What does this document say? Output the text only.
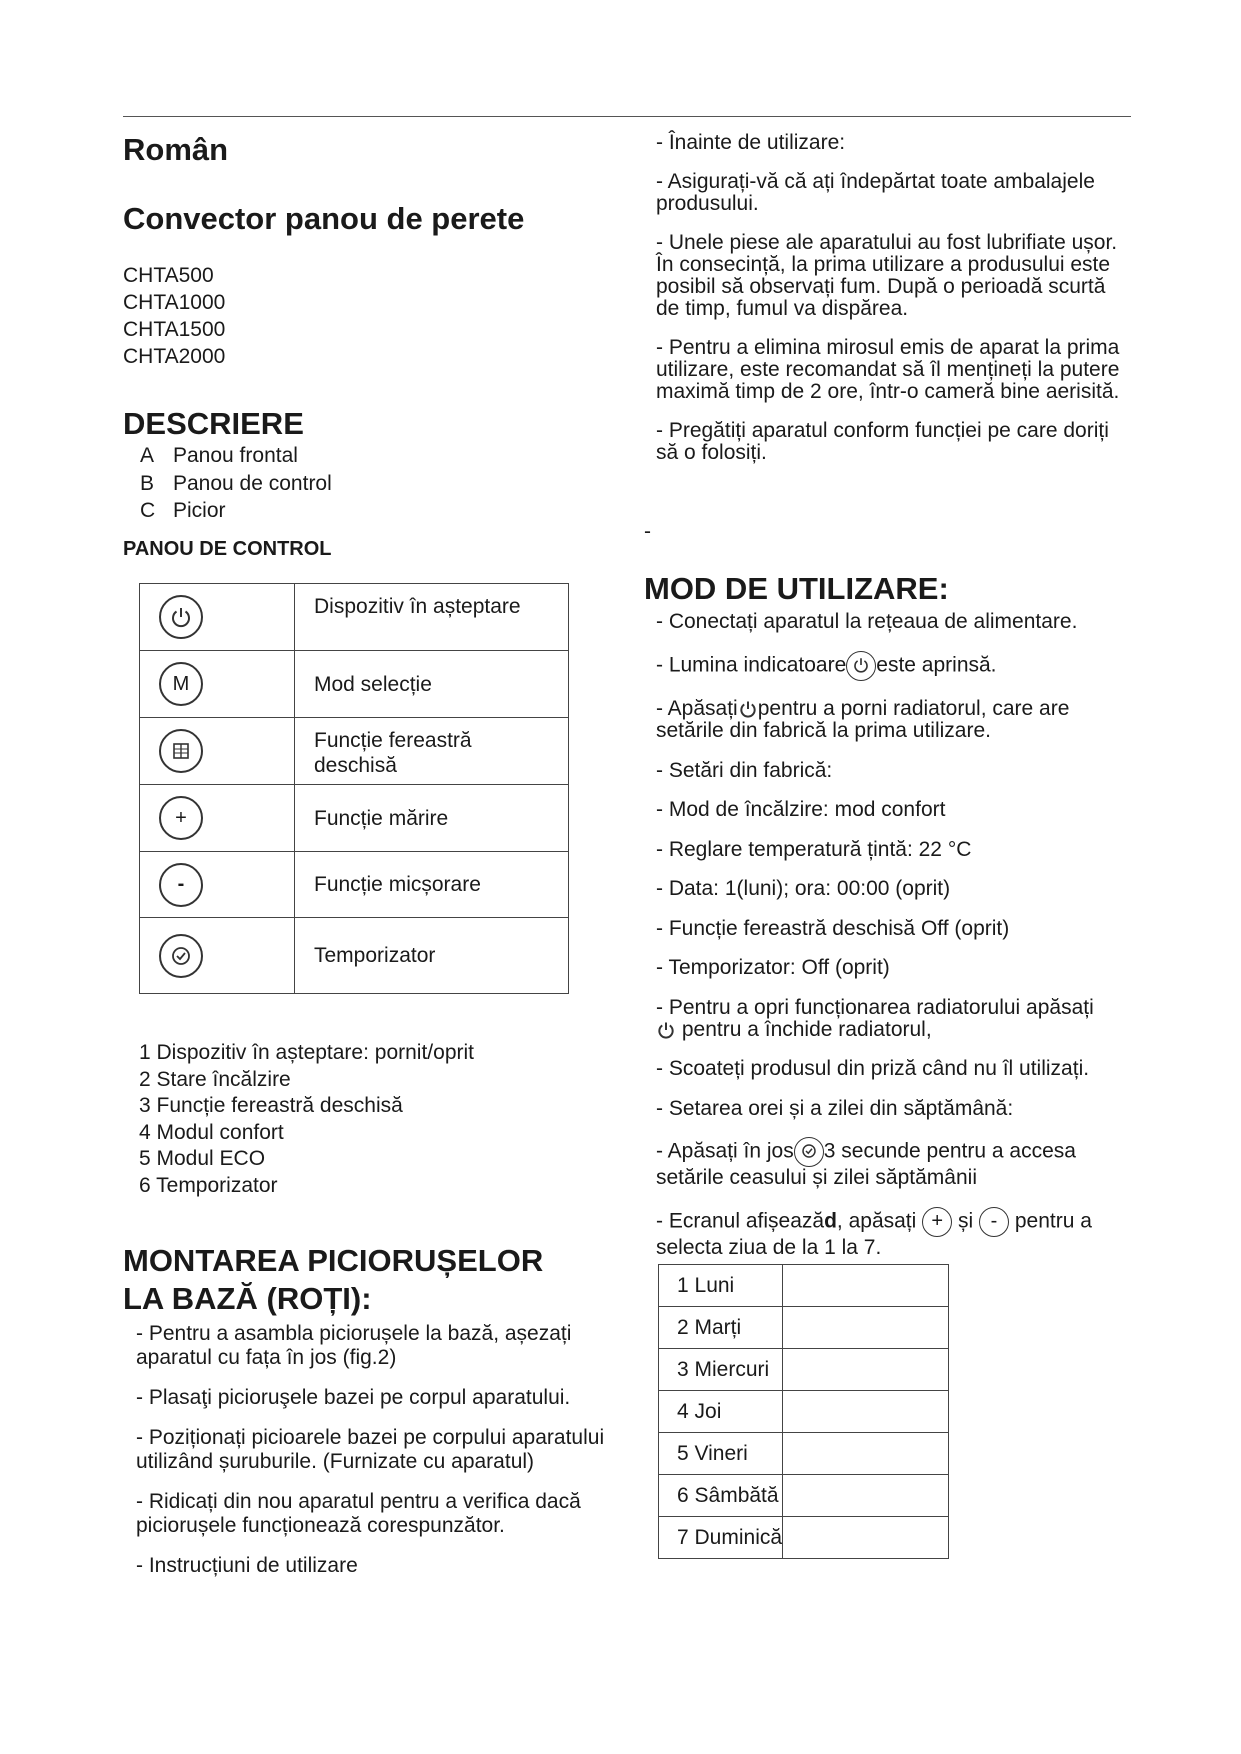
Român
Convector panou de perete
CHTA500
CHTA1000
CHTA1500
CHTA2000
DESCRIERE
A Panou frontal
B Panou de control
C Picior
PANOU DE CONTROL
	Dispozitiv în așteptare

M	Mod selecție

	Funcție fereastră deschisă

+	Funcție mărire

-	Funcție micșorare

	Temporizator
1 Dispozitiv în așteptare: pornit/oprit
2 Stare încălzire
3 Funcție fereastră deschisă
4 Modul confort
5 Modul ECO
6 Temporizator
MONTAREA PICIORUȘELOR
LA BAZĂ (ROȚI):

- Pentru a asambla piciorușele la bază, așezați aparatul cu fața în jos (fig.2)

- Plasaţi picioruşele bazei pe corpul aparatului.

- Poziționați picioarele bazei pe corpului aparatului utilizând șuruburile. (Furnizate cu aparatul)

- Ridicați din nou aparatul pentru a verifica dacă piciorușele funcționează corespunzător.

- Instrucțiuni de utilizare

- Înainte de utilizare:

- Asigurați-vă că ați îndepărtat toate ambalajele produsului.

- Unele piese ale aparatului au fost lubrifiate ușor. În consecință, la prima utilizare a produsului este posibil să observați fum. După o perioadă scurtă de timp, fumul va dispărea.

- Pentru a elimina mirosul emis de aparat la prima utilizare, este recomandat să îl mențineți la putere maximă timp de 2 ore, într-o cameră bine aerisită.

- Pregătiți aparatul conform funcției pe care doriți să o folosiți.

-
MOD DE UTILIZARE:

- Conectați aparatul la rețeaua de alimentare.

- Lumina indicatoare este aprinsă.

- Apăsați pentru a porni radiatorul, care are setările din fabrică la prima utilizare.

- Setări din fabrică:

- Mod de încălzire: mod confort

- Reglare temperatură țintă: 22 °C

- Data: 1(luni); ora: 00:00 (oprit)

- Funcție fereastră deschisă Off (oprit)

- Temporizator: Off (oprit)

- Pentru a opri funcționarea radiatorului apăsați
pentru a închide radiatorul,

- Scoateți produsul din priză când nu îl utilizați.

- Setarea orei și a zilei din săptămână:

- Apăsați în jos 3 secunde pentru a accesa setările ceasului și zilei săptămânii

- Ecranul afișeazăd, apăsați + și - pentru a selecta ziua de la 1 la 7.

1 Luni	
2 Marți	
3 Miercuri	
4 Joi	
5 Vineri	
6 Sâmbătă	
7 Duminică	
